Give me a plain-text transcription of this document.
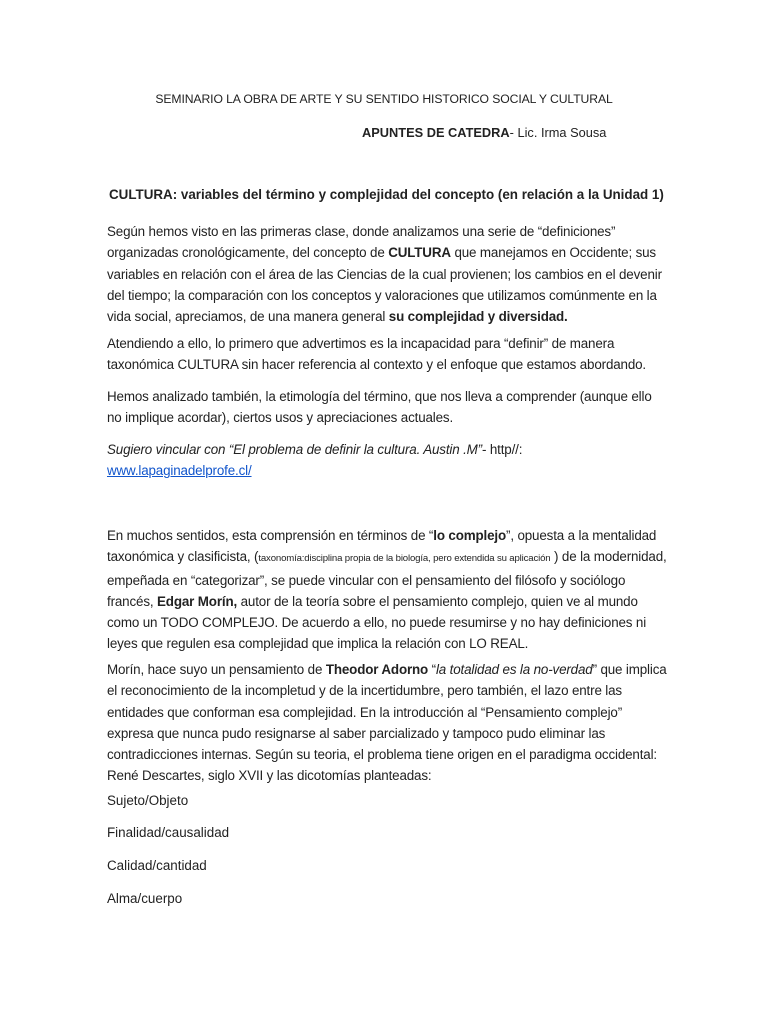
SEMINARIO LA OBRA DE ARTE Y SU SENTIDO HISTORICO SOCIAL Y CULTURAL
APUNTES DE CATEDRA- Lic. Irma Sousa
CULTURA: variables del término y complejidad del concepto (en relación a la Unidad 1)

Según hemos visto en las primeras clase, donde analizamos una serie de “definiciones” organizadas cronológicamente, del concepto de CULTURA que manejamos en Occidente; sus variables en relación con el área de las Ciencias de la cual provienen; los cambios en el devenir del tiempo; la comparación con los conceptos y valoraciones que utilizamos comúnmente en la vida social, apreciamos, de una manera general su complejidad y diversidad.

Atendiendo a ello, lo primero que advertimos es la incapacidad para “definir” de manera taxonómica CULTURA sin hacer referencia al contexto y el enfoque que estamos abordando.

Hemos analizado también, la etimología del término, que nos lleva a comprender (aunque ello no implique acordar), ciertos usos y apreciaciones actuales.

Sugiero vincular con “El problema de definir la cultura. Austin .M”- http//:
www.lapaginadelprofe.cl/

En muchos sentidos, esta comprensión en términos de “lo complejo”, opuesta a la mentalidad taxonómica y clasificista, (taxonomía:disciplina propia de la biología, pero extendida su aplicación ) de la modernidad, empeñada en “categorizar”, se puede vincular con el pensamiento del filósofo y sociólogo francés, Edgar Morín, autor de la teoría sobre el pensamiento complejo, quien ve al mundo como un TODO COMPLEJO. De acuerdo a ello, no puede resumirse y no hay definiciones ni leyes que regulen esa complejidad que implica la relación con LO REAL.

Morín, hace suyo un pensamiento de Theodor Adorno “la totalidad es la no-verdad” que implica el reconocimiento de la incompletud y de la incertidumbre, pero también, el lazo entre las entidades que conforman esa complejidad. En la introducción al “Pensamiento complejo” expresa que nunca pudo resignarse al saber parcializado y tampoco pudo eliminar las contradicciones internas. Según su teoria, el problema tiene origen en el paradigma occidental: René Descartes, siglo XVII y las dicotomías planteadas:

Sujeto/Objeto
Finalidad/causalidad
Calidad/cantidad
Alma/cuerpo
